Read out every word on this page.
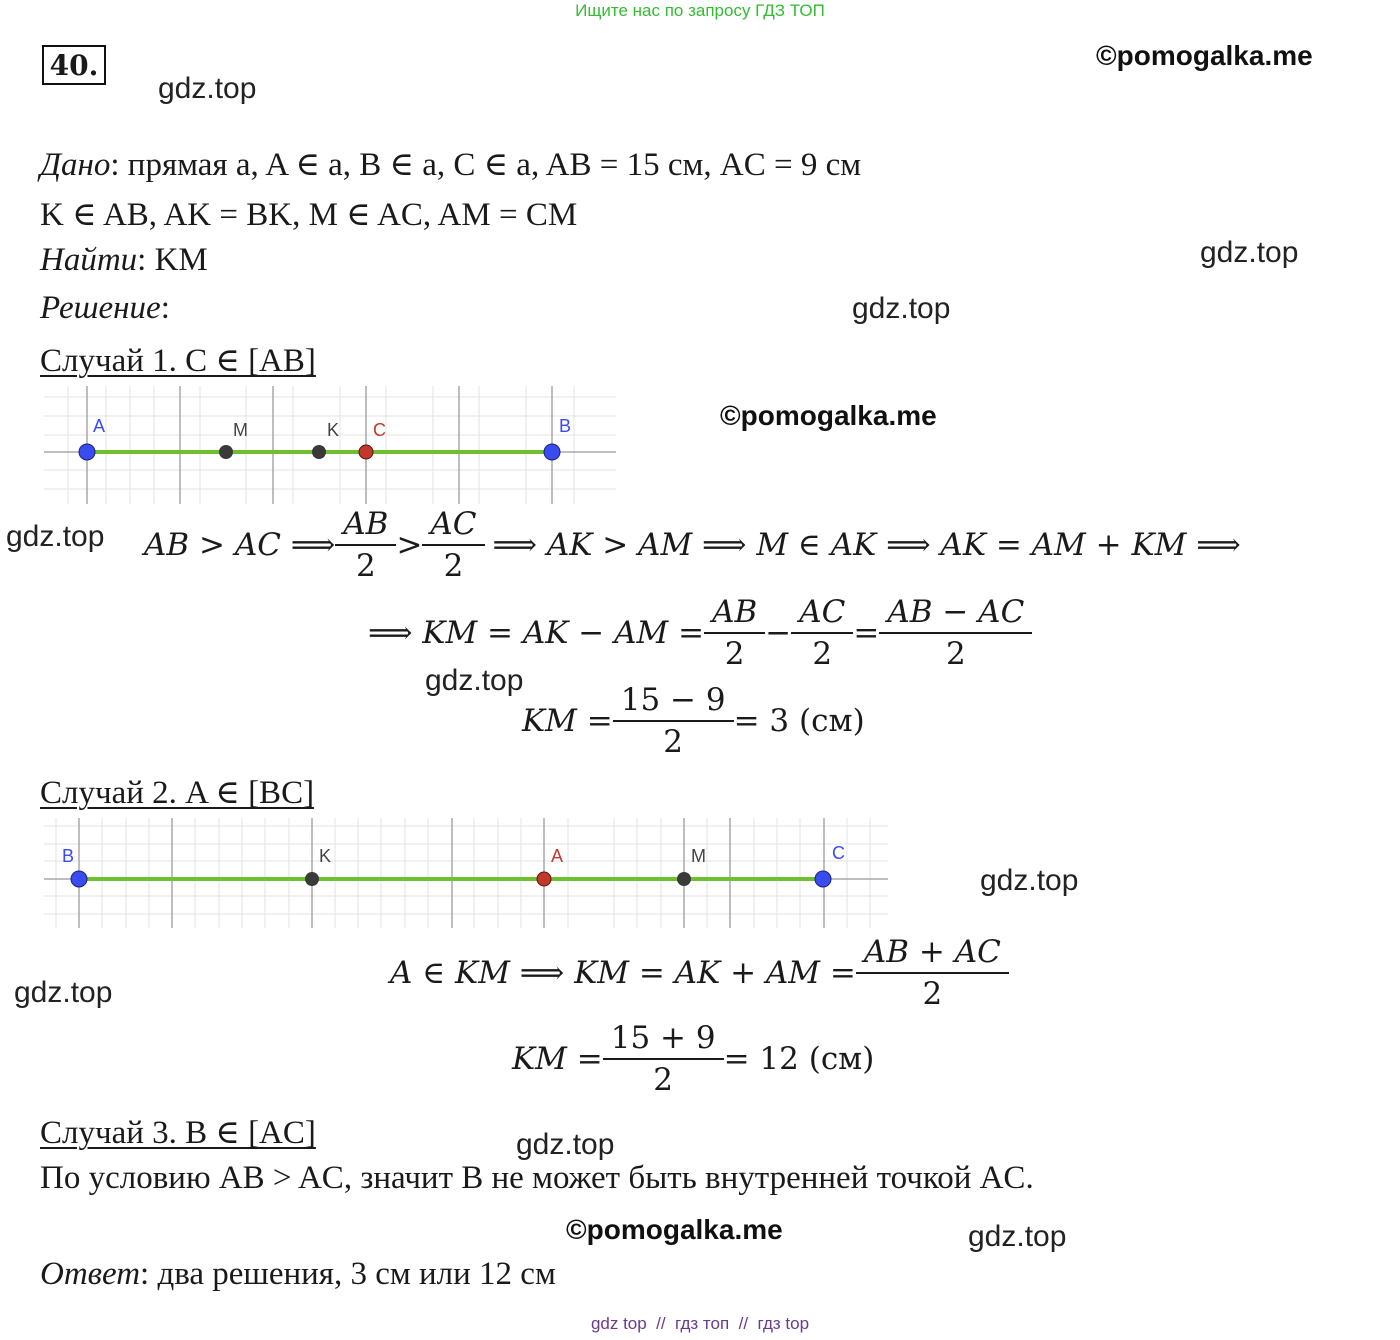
Ищите нас по запросу ГДЗ ТОП
40.
gdz.top
©pomogalka.me
Дано: прямая a, A ∈ a, B ∈ a, C ∈ a, AB = 15 см, AC = 9 см
K ∈ AB, AK = BK, M ∈ AC, AM = CM
Найти: KM	gdz.top
Решение:	gdz.top
Случай 1. C ∈ [AB]
A	M	K C	B	©pomogalka.me
gdz.top AB > AC ⟹ $\frac{AB}{2} > \frac{AC}{2}$ ⟹ AK > AM ⟹ M ∈ AK ⟹ AK = AM + KM ⟹
⟹ KM = AK − AM = $\frac{AB}{2} - \frac{AC}{2} = \frac{AB - AC}{2}$
gdz.top
KM = $\frac{15 - 9}{2} = 3$ (см)
Случай 2. A ∈ [BC]
B	K	A	M	C
gdz.top
gdz.top
A ∈ KM ⟹ KM = AK + AM = $\frac{AB + AC}{2}$
KM = $\frac{15 + 9}{2} = 12$ (см)
Случай 3. B ∈ [AC]	gdz.top
По условию AB > AC, значит B не может быть внутренней точкой AC.
©pomogalka.me	gdz.top
Ответ: два решения, 3 см или 12 см
gdz top  //  гдз топ  //  гдз top
